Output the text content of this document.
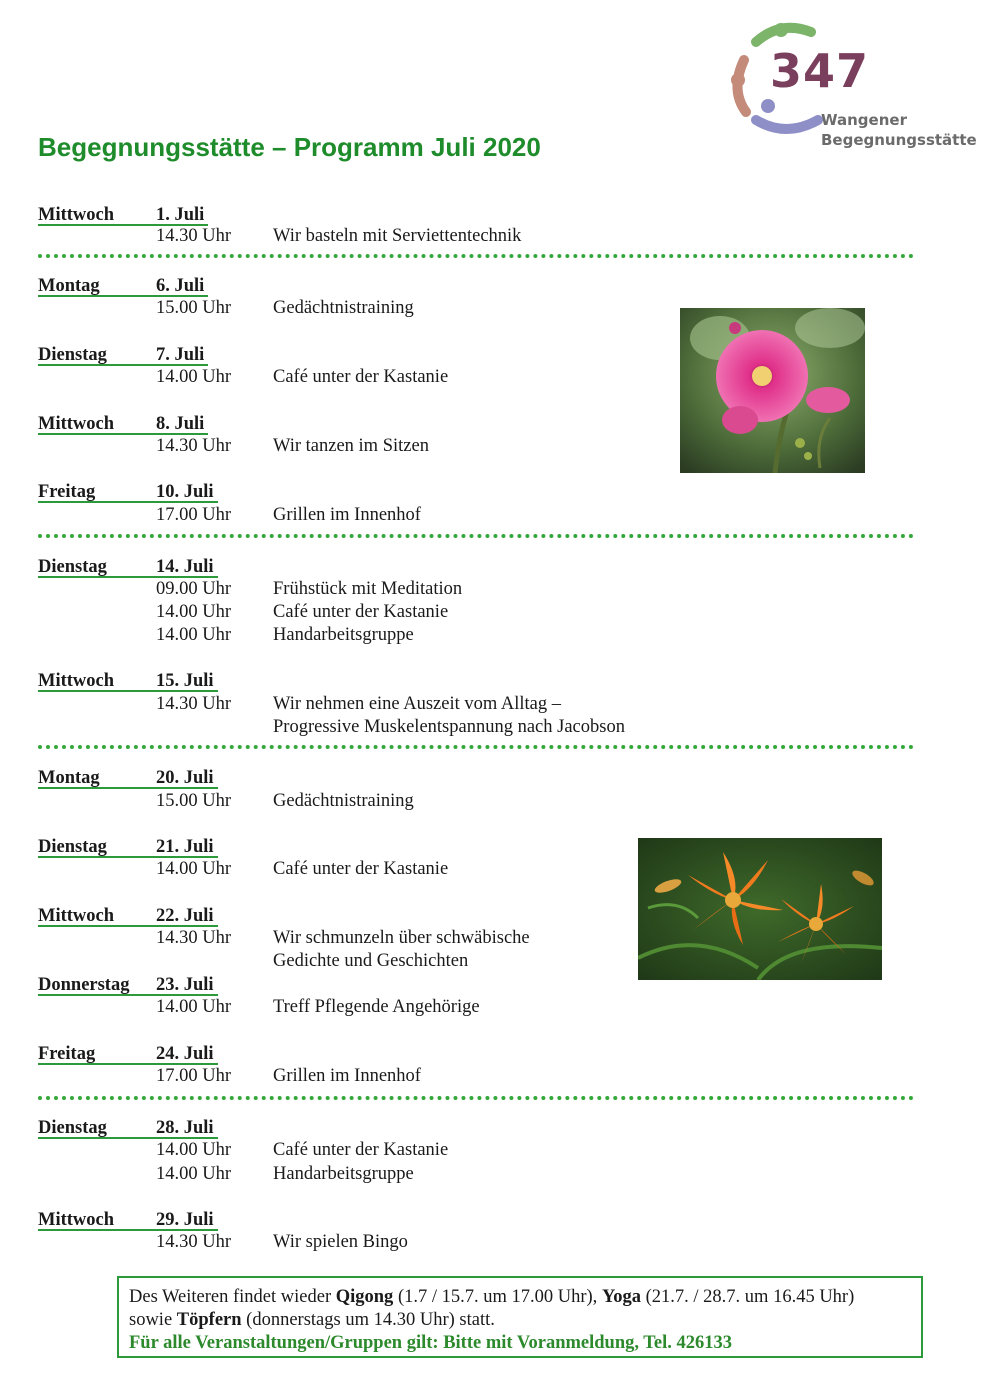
347
Wangener
Begegnungsstätte
Begegnungsstätte – Programm Juli 2020
Mittwoch 1. Juli
14.30 Uhr Wir basteln mit Serviettentechnik
Montag	6. Juli
15.00 Uhr Gedächtnistraining
Dienstag	7. Juli
14.00 Uhr Café unter der Kastanie
Mittwoch 8. Juli
14.30 Uhr Wir tanzen im Sitzen
Freitag	10. Juli
17.00 Uhr Grillen im Innenhof
Dienstag	14. Juli
09.00 Uhr Frühstück mit Meditation
14.00 Uhr Café unter der Kastanie
14.00 Uhr Handarbeitsgruppe
Mittwoch 15. Juli
14.30 Uhr Wir nehmen eine Auszeit vom Alltag –
Progressive Muskelentspannung nach Jacobson
Montag	20. Juli
15.00 Uhr Gedächtnistraining
Dienstag	21. Juli
14.00 Uhr Café unter der Kastanie
Mittwoch 22. Juli
14.30 Uhr Wir schmunzeln über schwäbische
Gedichte und Geschichten
Donnerstag 23. Juli
14.00 Uhr Treff Pflegende Angehörige
Freitag	24. Juli
17.00 Uhr Grillen im Innenhof
Dienstag	28. Juli
14.00 Uhr Café unter der Kastanie
14.00 Uhr Handarbeitsgruppe
Mittwoch 29. Juli
14.30 Uhr Wir spielen Bingo
Des Weiteren findet wieder Qigong (1.7 / 15.7. um 17.00 Uhr), Yoga (21.7. / 28.7. um 16.45 Uhr)
sowie Töpfern (donnerstags um 14.30 Uhr) statt.
Für alle Veranstaltungen/Gruppen gilt: Bitte mit Voranmeldung, Tel. 426133
